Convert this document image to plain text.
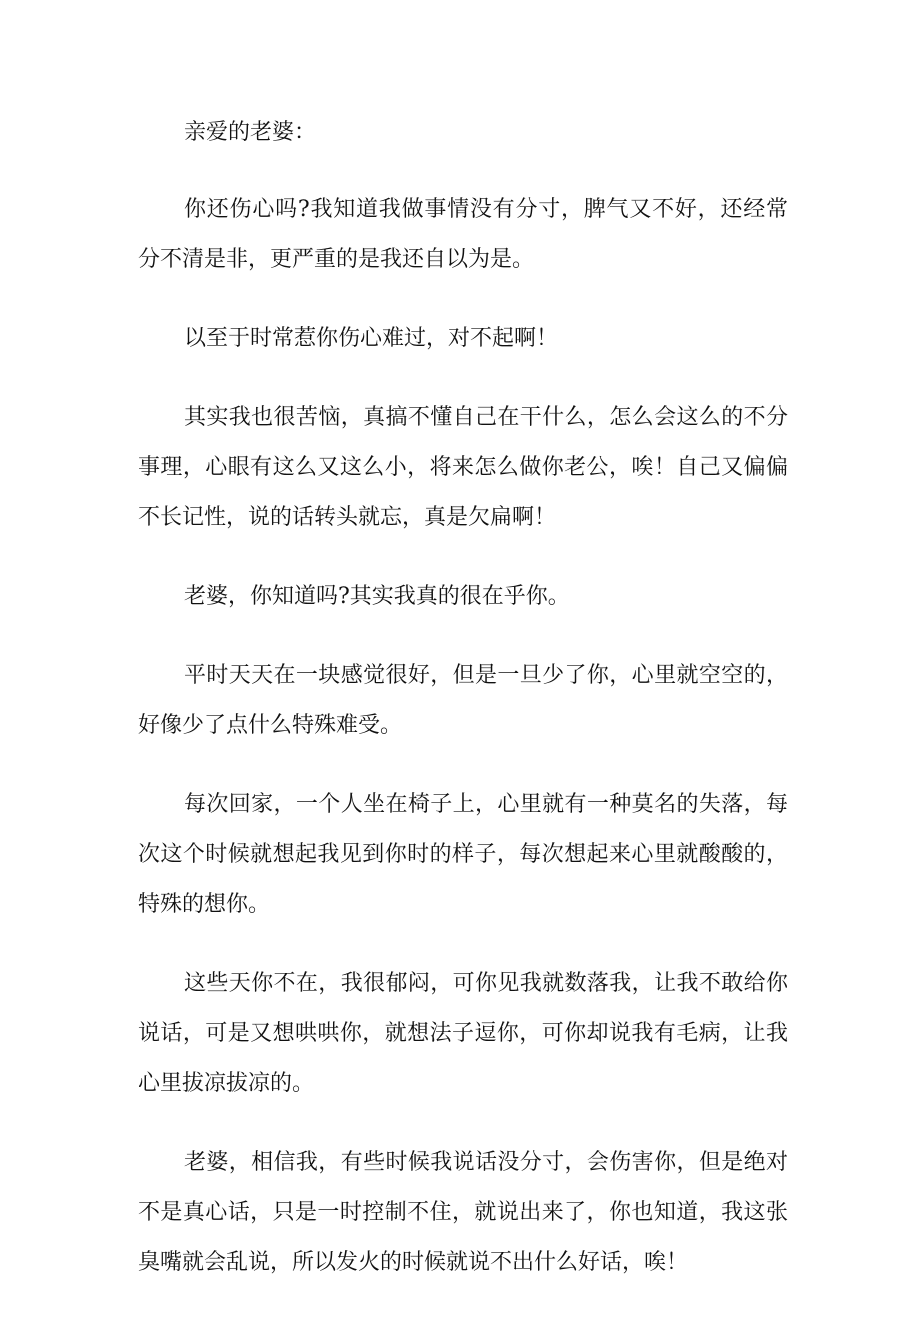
亲爱的老婆：

你还伤心吗?我知道我做事情没有分寸，脾气又不好，还经常分不清是非，更严重的是我还自以为是。

以至于时常惹你伤心难过，对不起啊！

其实我也很苦恼，真搞不懂自己在干什么，怎么会这么的不分事理，心眼有这么又这么小，将来怎么做你老公，唉！自己又偏偏不长记性，说的话转头就忘，真是欠扁啊！

老婆，你知道吗?其实我真的很在乎你。

平时天天在一块感觉很好，但是一旦少了你，心里就空空的，好像少了点什么特殊难受。

每次回家，一个人坐在椅子上，心里就有一种莫名的失落，每次这个时候就想起我见到你时的样子，每次想起来心里就酸酸的，特殊的想你。

这些天你不在，我很郁闷，可你见我就数落我，让我不敢给你说话，可是又想哄哄你，就想法子逗你，可你却说我有毛病，让我心里拔凉拔凉的。

老婆，相信我，有些时候我说话没分寸，会伤害你，但是绝对不是真心话，只是一时控制不住，就说出来了，你也知道，我这张臭嘴就会乱说，所以发火的时候就说不出什么好话，唉！
